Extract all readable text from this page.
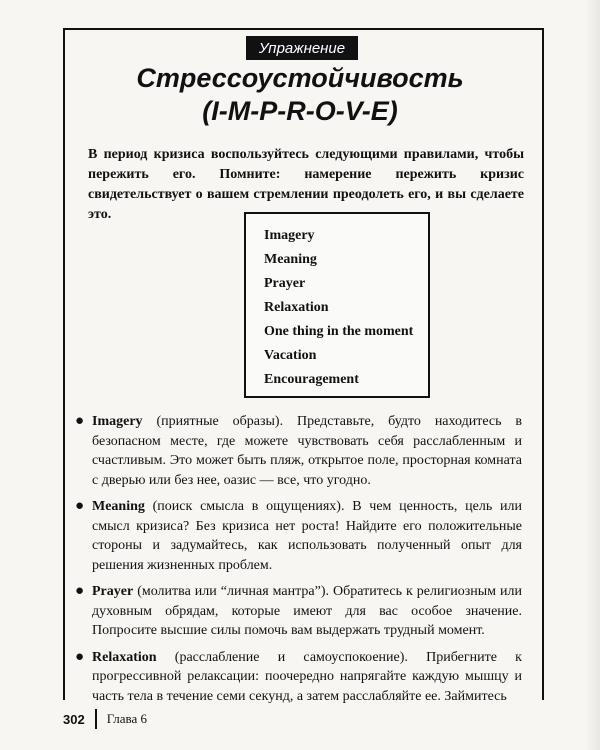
Упражнение
Стрессоустойчивость
(I-M-P-R-O-V-E)
В период кризиса воспользуйтесь следующими правилами, чтобы пережить его. Помните: намерение пережить кризис свидетельствует о вашем стремлении преодолеть его, и вы сделаете это.
Imagery
Meaning
Prayer
Relaxation
One thing in the moment
Vacation
Encouragement
● Imagery (приятные образы). Представьте, будто находитесь в безопасном месте, где можете чувствовать себя расслабленным и счастливым. Это может быть пляж, открытое поле, просторная комната с дверью или без нее, оазис — все, что угодно.
● Meaning (поиск смысла в ощущениях). В чем ценность, цель или смысл кризиса? Без кризиса нет роста! Найдите его положительные стороны и задумайтесь, как использовать полученный опыт для решения жизненных проблем.
● Prayer (молитва или “личная мантра”). Обратитесь к религиозным или духовным обрядам, которые имеют для вас особое значение. Попросите высшие силы помочь вам выдержать трудный момент.
● Relaxation (расслабление и самоуспокоение). Прибегните к прогрессивной релаксации: поочередно напрягайте каждую мышцу и часть тела в течение семи секунд, а затем расслабляйте ее. Займитесь
302 Глава 6
